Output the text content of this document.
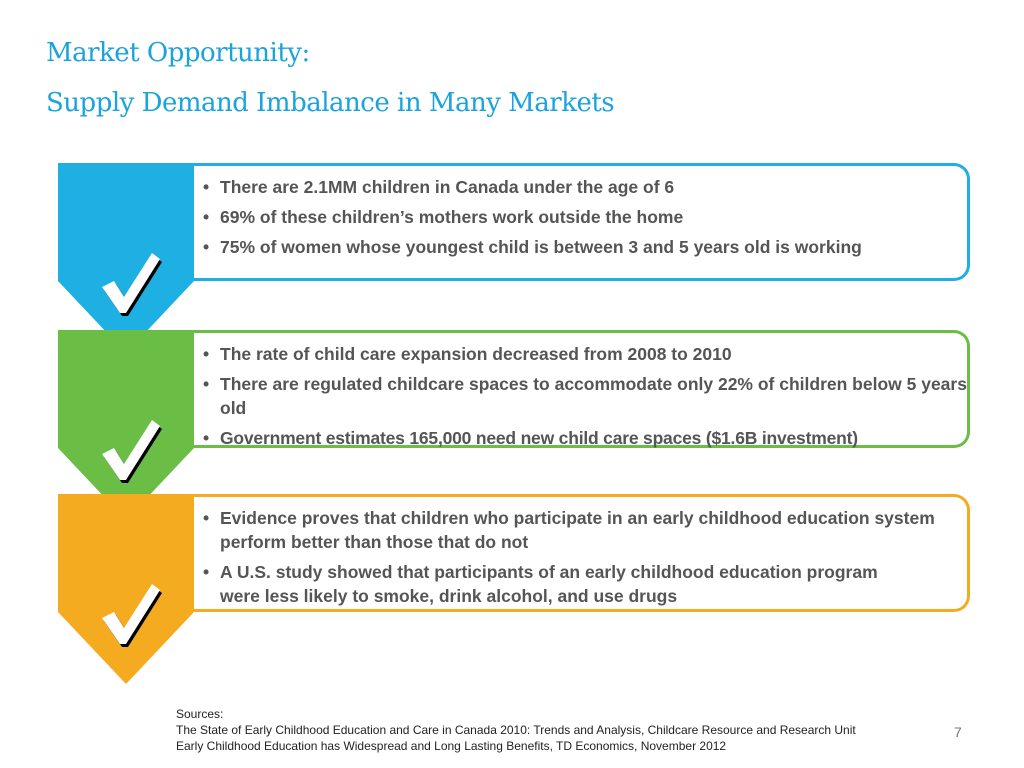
Market Opportunity:
Supply Demand Imbalance in Many Markets
• There are 2.1MM children in Canada under the age of 6
• 69% of these children’s mothers work outside the home
• 75% of women whose youngest child is between 3 and 5 years old is working
• The rate of child care expansion decreased from 2008 to 2010
• There are regulated childcare spaces to accommodate only 22% of children below 5 years old
• Government estimates 165,000 need new child care spaces ($1.6B investment)
• Evidence proves that children who participate in an early childhood education system perform better than those that do not
• A U.S. study showed that participants of an early childhood education program were less likely to smoke, drink alcohol, and use drugs
Sources:
The State of Early Childhood Education and Care in Canada 2010: Trends and Analysis, Childcare Resource and Research Unit
Early Childhood Education has Widespread and Long Lasting Benefits, TD Economics, November 2012
7
